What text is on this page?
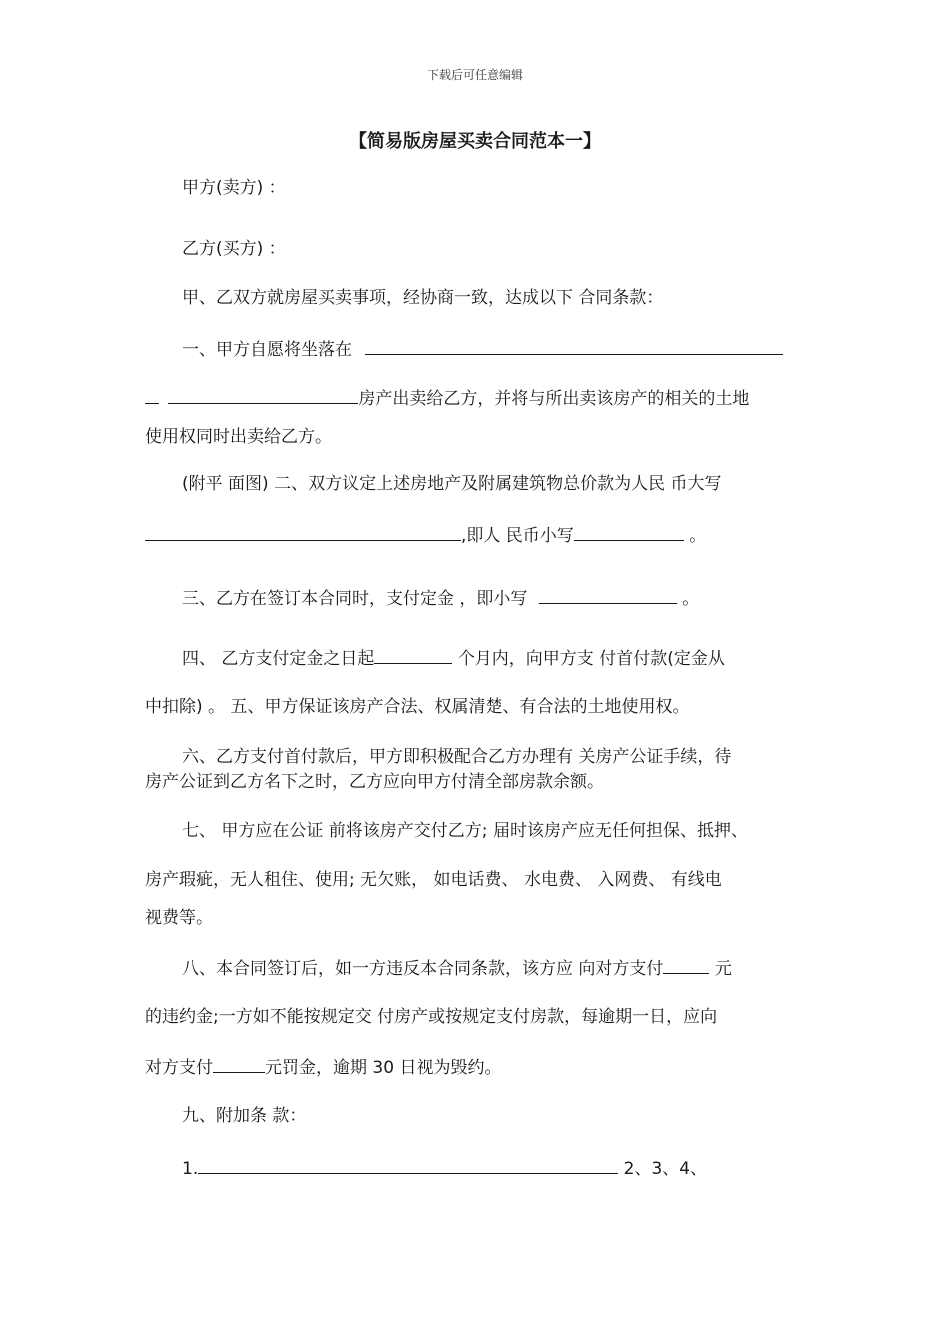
下载后可任意编辑
【简易版房屋买卖合同范本一】
甲方(卖方) ：
乙方(买方) ：
甲、乙双方就房屋买卖事项，经协商一致，达成以下 合同条款：
一、甲方自愿将坐落在
房产出卖给乙方，并将与所出卖该房产的相关的土地
使用权同时出卖给乙方。
(附平 面图) 二、双方议定上述房地产及附属建筑物总价款为人民 币大写
,即人 民币小写	。
三、乙方在签订本合同时，支付定金 ，即小写	。
四、 乙方支付定金之日起	个月内，向甲方支 付首付款(定金从
中扣除) 。 五、甲方保证该房产合法、权属清楚、有合法的土地使用权。
六、乙方支付首付款后，甲方即积极配合乙方办理有 关房产公证手续，待
房产公证到乙方名下之时，乙方应向甲方付清全部房款余额。
七、 甲方应在公证 前将该房产交付乙方; 届时该房产应无任何担保、抵押、
房产瑕疵，无人租住、使用; 无欠账， 如电话费、 水电费、 入网费、 有线电
视费等。
八、本合同签订后，如一方违反本合同条款，该方应 向对方支付	元
的违约金;一方如不能按规定交 付房产或按规定支付房款，每逾期一日，应向
对方支付	元罚金，逾期 30 日视为毁约。
九、附加条 款：
1.	2、3、4、
